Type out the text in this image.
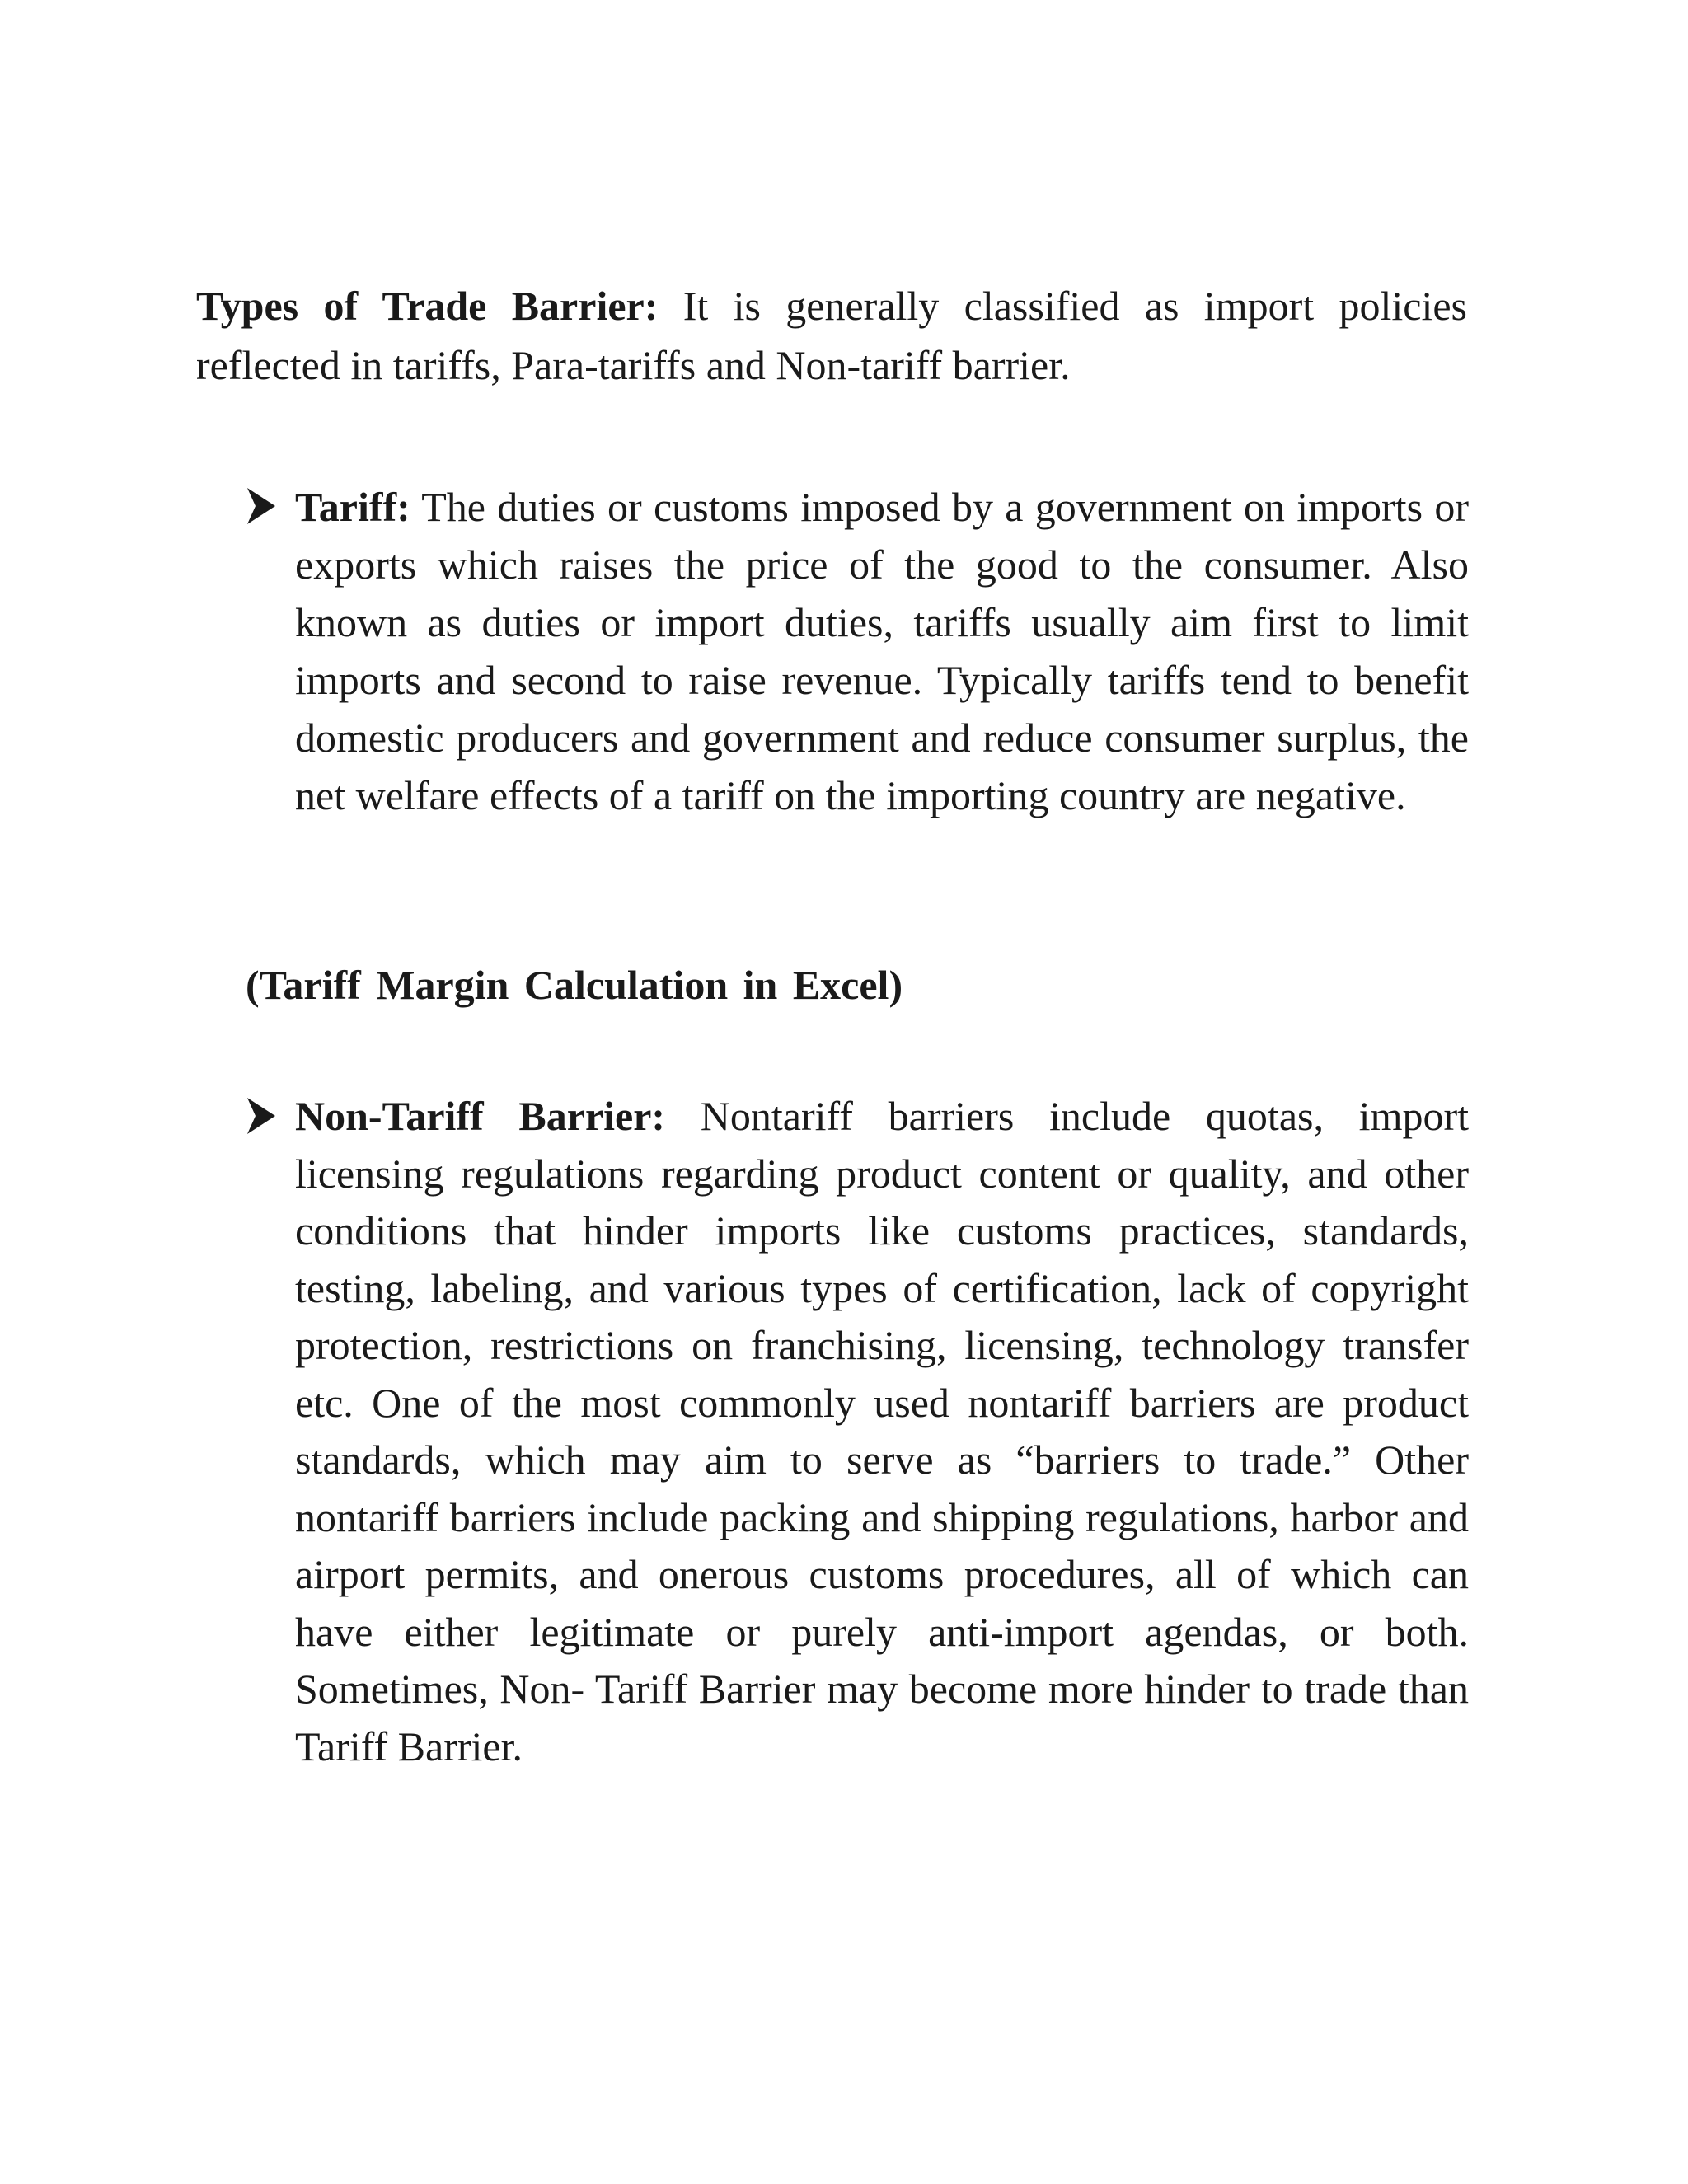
Types of Trade Barrier: It is generally classified as import policies reflected in tariffs, Para-tariffs and Non-tariff barrier.

Tariff: The duties or customs imposed by a government on imports or exports which raises the price of the good to the consumer. Also known as duties or import duties, tariffs usually aim first to limit imports and second to raise revenue. Typically tariffs tend to benefit domestic producers and government and reduce consumer surplus, the net welfare effects of a tariff on the importing country are negative.

(Tariff Margin Calculation in Excel)

Non-Tariff Barrier: Nontariff barriers include quotas, import licensing regulations regarding product content or quality, and other conditions that hinder imports like customs practices, standards, testing, labeling, and various types of certification, lack of copyright protection, restrictions on franchising, licensing, technology transfer etc. One of the most commonly used nontariff barriers are product standards, which may aim to serve as “barriers to trade.” Other nontariff barriers include packing and shipping regulations, harbor and airport permits, and onerous customs procedures, all of which can have either legitimate or purely anti-import agendas, or both. Sometimes, Non- Tariff Barrier may become more hinder to trade than Tariff Barrier.
